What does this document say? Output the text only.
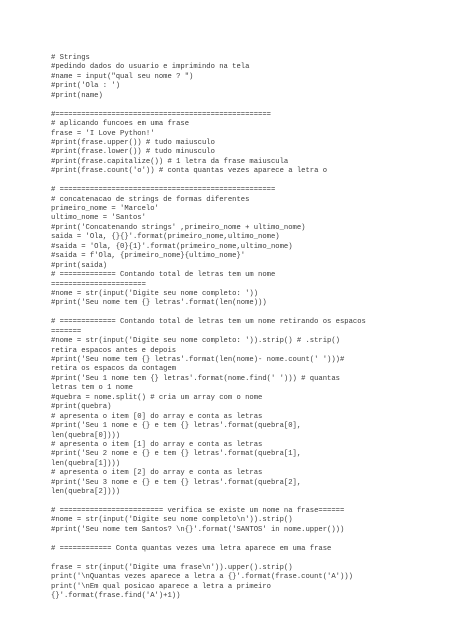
# Strings
#pedindo dados do usuario e imprimindo na tela
#name = input("qual seu nome ? ")
#print('Ola : ')
#print(name)
#==================================================
# aplicando funcoes em uma frase
frase = 'I Love Python!'
#print(frase.upper()) # tudo maiusculo
#print(frase.lower()) # tudo minusculo
#print(frase.capitalize()) # 1 letra da frase maiuscula
#print(frase.count('o')) # conta quantas vezes aparece a letra o
# ==================================================
# concatenacao de strings de formas diferentes
primeiro_nome = 'Marcelo'
ultimo_nome = 'Santos'
#print('Concatenando strings' ,primeiro_nome + ultimo_nome)
saida = 'Ola, {}{}'.format(primeiro_nome,ultimo_nome)
#saida = 'Ola, {0}{1}'.format(primeiro_nome,ultimo_nome)
#saida = f'Ola, {primeiro_nome}{ultimo_nome}'
#print(saida)
# ============= Contando total de letras tem um nome
======================
#nome = str(input('Digite seu nome completo: '))
#print('Seu nome tem {} letras'.format(len(nome)))
# ============= Contando total de letras tem um nome retirando os espacos
=======
#nome = str(input('Digite seu nome completo: ')).strip() # .strip()
retira espacos antes e depois
#print('Seu nome tem {} letras'.format(len(nome)- nome.count(' ')))#
retira os espacos da contagem
#print('Seu 1 nome tem {} letras'.format(nome.find(' '))) # quantas
letras tem o 1 nome
#quebra = nome.split() # cria um array com o nome
#print(quebra)
# apresenta o item [0] do array e conta as letras
#print('Seu 1 nome e {} e tem {} letras'.format(quebra[0],
len(quebra[0])))
# apresenta o item [1] do array e conta as letras
#print('Seu 2 nome e {} e tem {} letras'.format(quebra[1],
len(quebra[1])))
# apresenta o item [2] do array e conta as letras
#print('Seu 3 nome e {} e tem {} letras'.format(quebra[2],
len(quebra[2])))
# ======================== verifica se existe um nome na frase======
#nome = str(input('Digite seu nome completo\n')).strip()
#print('Seu nome tem Santos? \n{}'.format('SANTOS' in nome.upper()))
# ============ Conta quantas vezes uma letra aparece em uma frase
frase = str(input('Digite uma frase\n')).upper().strip()
print('\nQuantas vezes aparece a letra a {}'.format(frase.count('A')))
print('\nEm qual posicao aparece a letra a primeiro
{}'.format(frase.find('A')+1))
